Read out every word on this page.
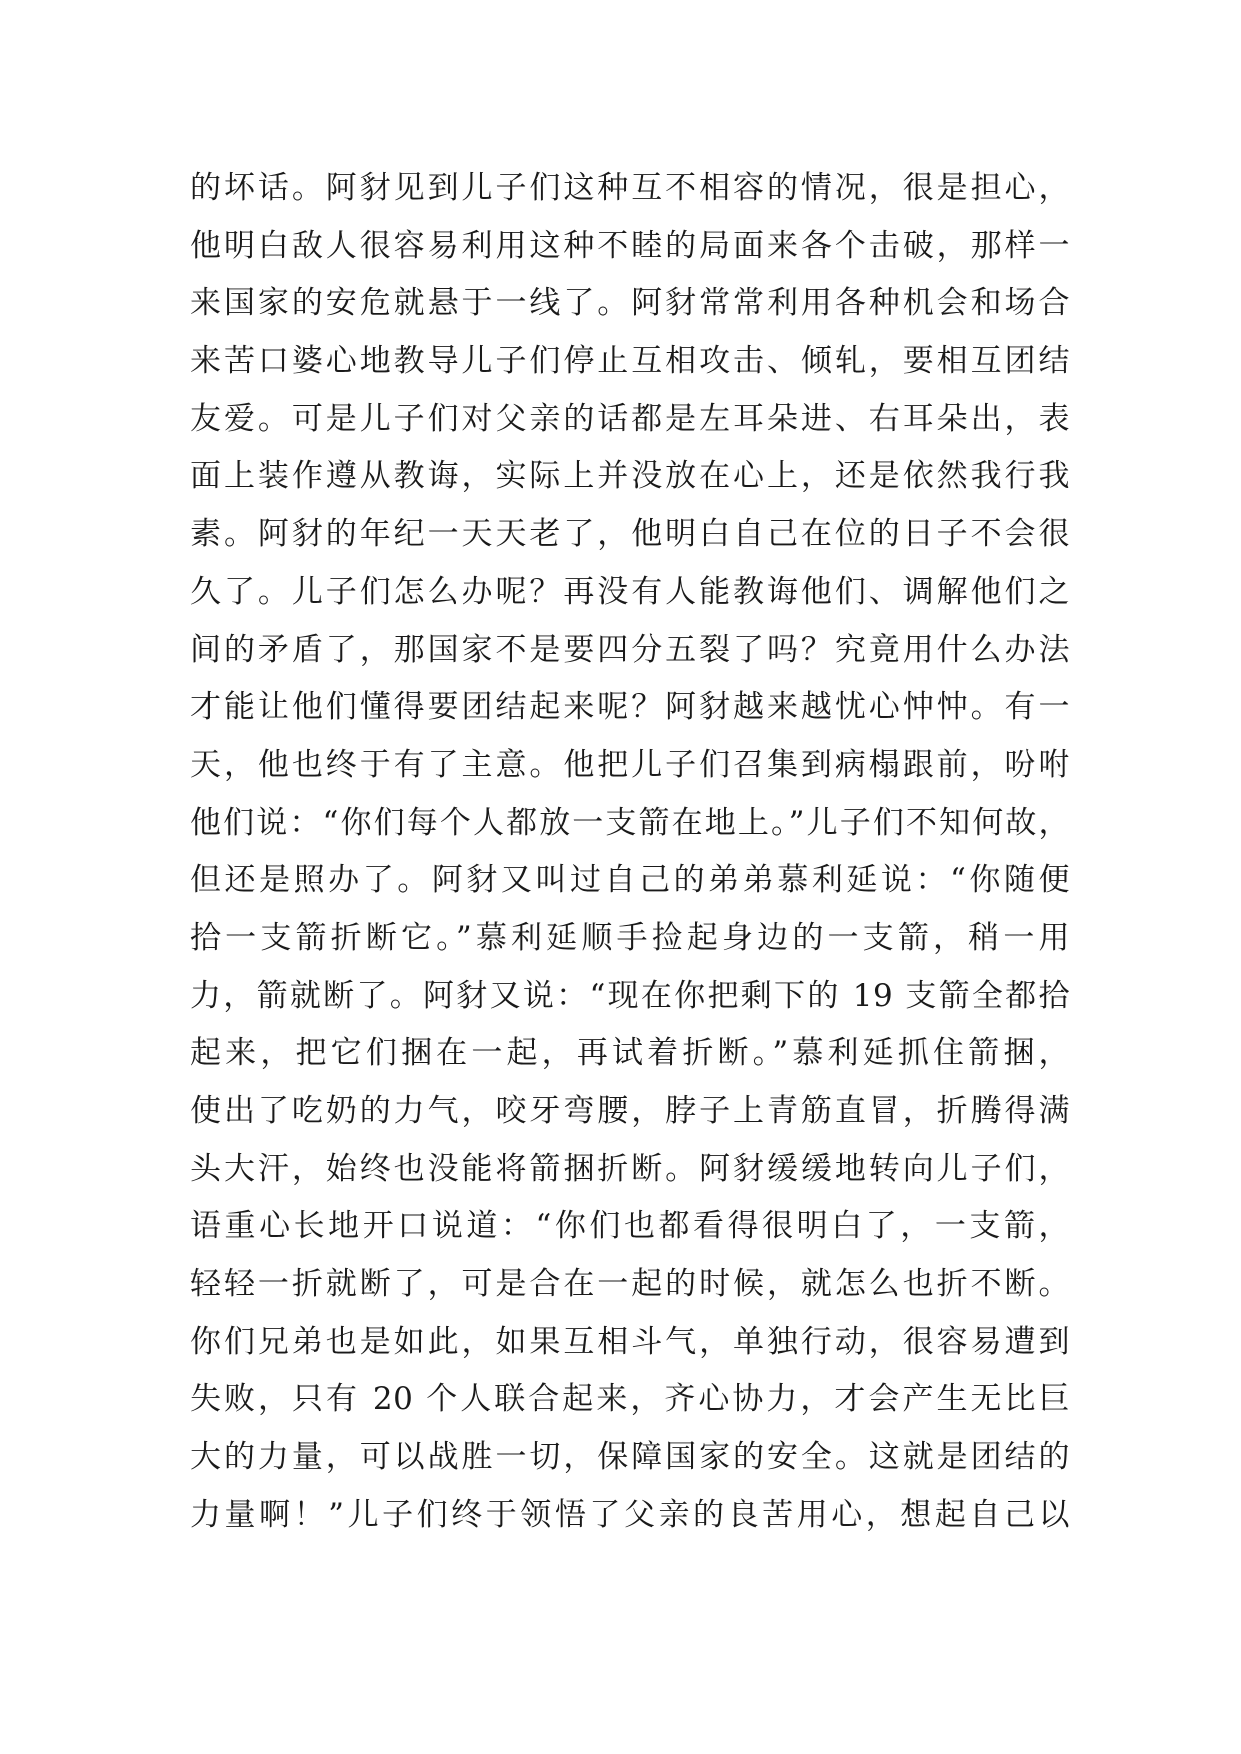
的坏话。阿豺见到儿子们这种互不相容的情况，很是担心，
他明白敌人很容易利用这种不睦的局面来各个击破，那样一
来国家的安危就悬于一线了。阿豺常常利用各种机会和场合
来苦口婆心地教导儿子们停止互相攻击、倾轧，要相互团结
友爱。可是儿子们对父亲的话都是左耳朵进、右耳朵出，表
面上装作遵从教诲，实际上并没放在心上，还是依然我行我
素。阿豺的年纪一天天老了，他明白自己在位的日子不会很
久了。儿子们怎么办呢？再没有人能教诲他们、调解他们之
间的矛盾了，那国家不是要四分五裂了吗？究竟用什么办法
才能让他们懂得要团结起来呢？阿豺越来越忧心忡忡。有一
天，他也终于有了主意。他把儿子们召集到病榻跟前，吩咐
他们说：“你们每个人都放一支箭在地上。”儿子们不知何故，
但还是照办了。阿豺又叫过自己的弟弟慕利延说：“你随便
拾一支箭折断它。”慕利延顺手捡起身边的一支箭，稍一用
力，箭就断了。阿豺又说：“现在你把剩下的 19 支箭全都拾
起来，把它们捆在一起，再试着折断。”慕利延抓住箭捆，
使出了吃奶的力气，咬牙弯腰，脖子上青筋直冒，折腾得满
头大汗，始终也没能将箭捆折断。阿豺缓缓地转向儿子们，
语重心长地开口说道：“你们也都看得很明白了，一支箭，
轻轻一折就断了，可是合在一起的时候，就怎么也折不断。
你们兄弟也是如此，如果互相斗气，单独行动，很容易遭到
失败，只有 20 个人联合起来，齐心协力，才会产生无比巨
大的力量，可以战胜一切，保障国家的安全。这就是团结的
力量啊！”儿子们终于领悟了父亲的良苦用心，想起自己以
